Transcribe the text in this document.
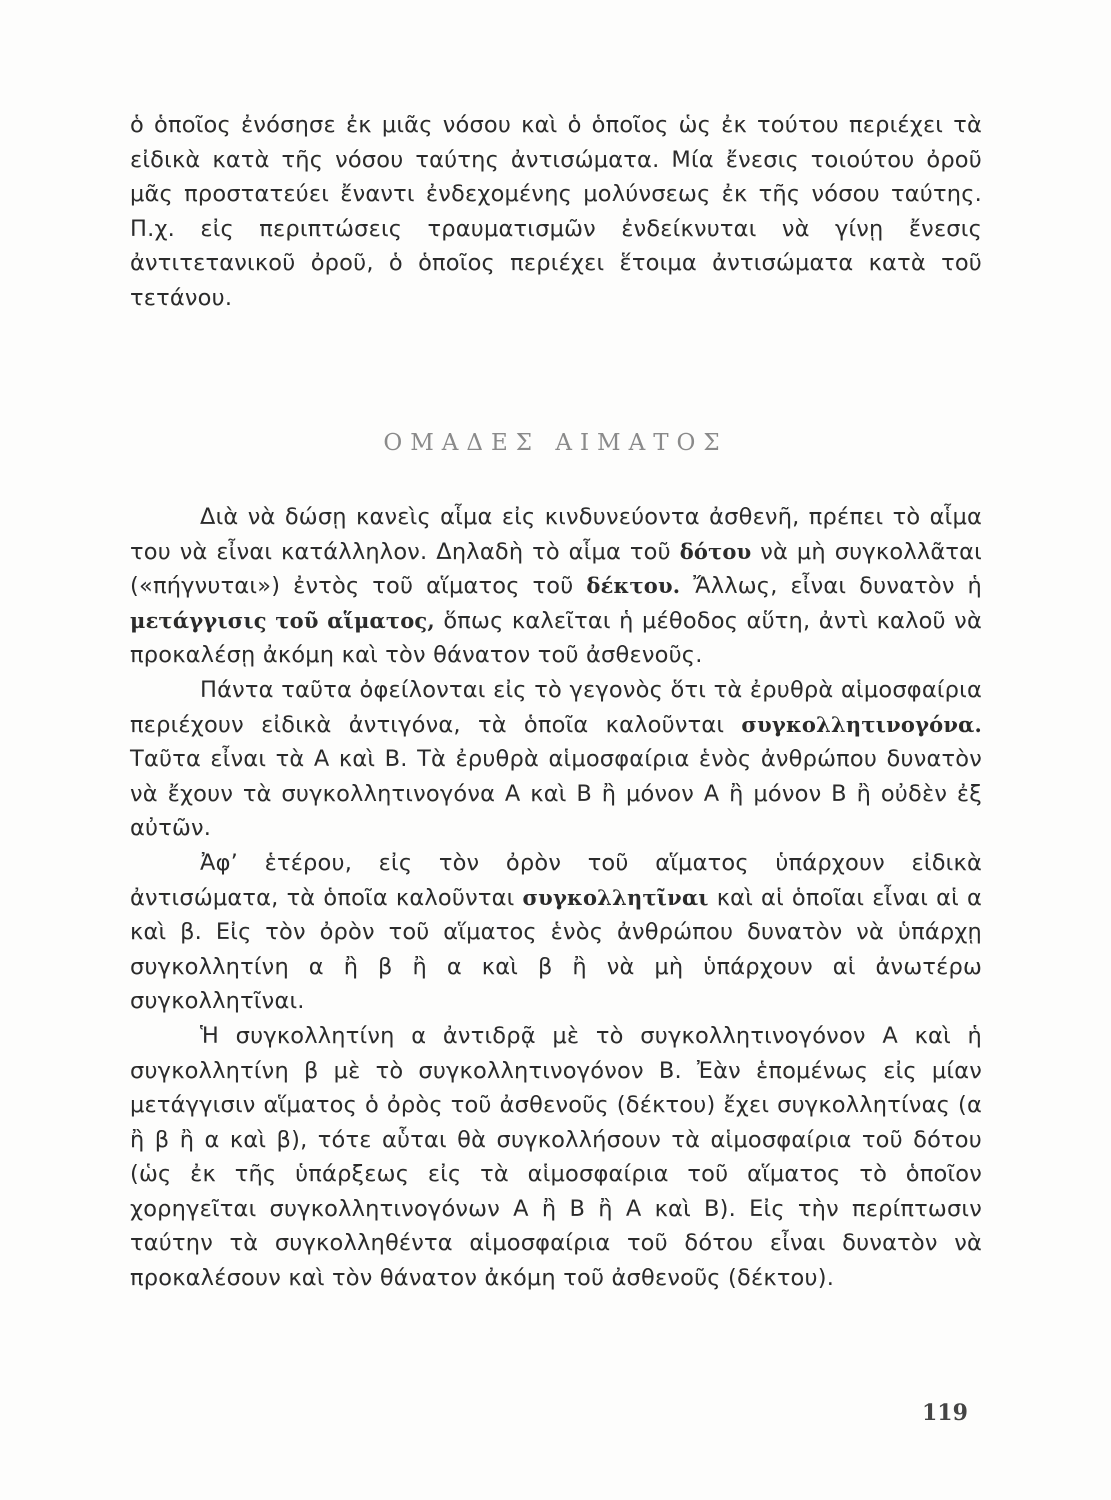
ὁ ὁποῖος ἐνόσησε ἐκ μιᾶς νόσου καὶ ὁ ὁποῖος ὡς ἐκ τούτου περιέχει τὰ εἰδικὰ κατὰ τῆς νόσου ταύτης ἀντισώματα. Μία ἔνεσις τοιούτου ὀροῦ μᾶς προστατεύει ἔναντι ἐνδεχομένης μολύνσεως ἐκ τῆς νόσου ταύτης. Π.χ. εἰς περιπτώσεις τραυματισμῶν ἐνδείκνυται νὰ γίνῃ ἔνεσις ἀντιτετανικοῦ ὀροῦ, ὁ ὁποῖος περιέχει ἕτοιμα ἀντισώματα κατὰ τοῦ τετάνου.

ΟΜΑΔΕΣ ΑΙΜΑΤΟΣ

Διὰ νὰ δώσῃ κανεὶς αἷμα εἰς κινδυνεύοντα ἀσθενῆ, πρέπει τὸ αἷμα του νὰ εἶναι κατάλληλον. Δηλαδὴ τὸ αἷμα τοῦ δότου νὰ μὴ συγκολλᾶται («πήγνυται») ἐντὸς τοῦ αἵματος τοῦ δέκτου. Ἄλλως, εἶναι δυνατὸν ἡ μετάγγισις τοῦ αἵματος, ὅπως καλεῖται ἡ μέθοδος αὕτη, ἀντὶ καλοῦ νὰ προκαλέσῃ ἀκόμη καὶ τὸν θάνατον τοῦ ἀσθενοῦς.

Πάντα ταῦτα ὀφείλονται εἰς τὸ γεγονὸς ὅτι τὰ ἐρυθρὰ αἱμοσφαίρια περιέχουν εἰδικὰ ἀντιγόνα, τὰ ὁποῖα καλοῦνται συγκολλητινογόνα. Ταῦτα εἶναι τὰ Α καὶ Β. Τὰ ἐρυθρὰ αἱμοσφαίρια ἑνὸς ἀνθρώπου δυνατὸν νὰ ἔχουν τὰ συγκολλητινογόνα Α καὶ Β ἢ μόνον Α ἢ μόνον Β ἢ οὐδὲν ἐξ αὐτῶν.

Ἀφ’ ἑτέρου, εἰς τὸν ὀρὸν τοῦ αἵματος ὑπάρχουν εἰδικὰ ἀντισώματα, τὰ ὁποῖα καλοῦνται συγκολλητῖναι καὶ αἱ ὁποῖαι εἶναι αἱ α καὶ β. Εἰς τὸν ὀρὸν τοῦ αἵματος ἑνὸς ἀνθρώπου δυνατὸν νὰ ὑπάρχῃ συγκολλητίνη α ἢ β ἢ α καὶ β ἢ νὰ μὴ ὑπάρχουν αἱ ἀνωτέρω συγκολλητῖναι.

Ἡ συγκολλητίνη α ἀντιδρᾷ μὲ τὸ συγκολλητινογόνον Α καὶ ἡ συγκολλητίνη β μὲ τὸ συγκολλητινογόνον Β. Ἐὰν ἑπομένως εἰς μίαν μετάγγισιν αἵματος ὁ ὀρὸς τοῦ ἀσθενοῦς (δέκτου) ἔχει συγκολλητίνας (α ἢ β ἢ α καὶ β), τότε αὗται θὰ συγκολλήσουν τὰ αἱμοσφαίρια τοῦ δότου (ὡς ἐκ τῆς ὑπάρξεως εἰς τὰ αἱμοσφαίρια τοῦ αἵματος τὸ ὁποῖον χορηγεῖται συγκολλητινογόνων Α ἢ Β ἢ Α καὶ Β). Εἰς τὴν περίπτωσιν ταύτην τὰ συγκολληθέντα αἱμοσφαίρια τοῦ δότου εἶναι δυνατὸν νὰ προκαλέσουν καὶ τὸν θάνατον ἀκόμη τοῦ ἀσθενοῦς (δέκτου).

119
